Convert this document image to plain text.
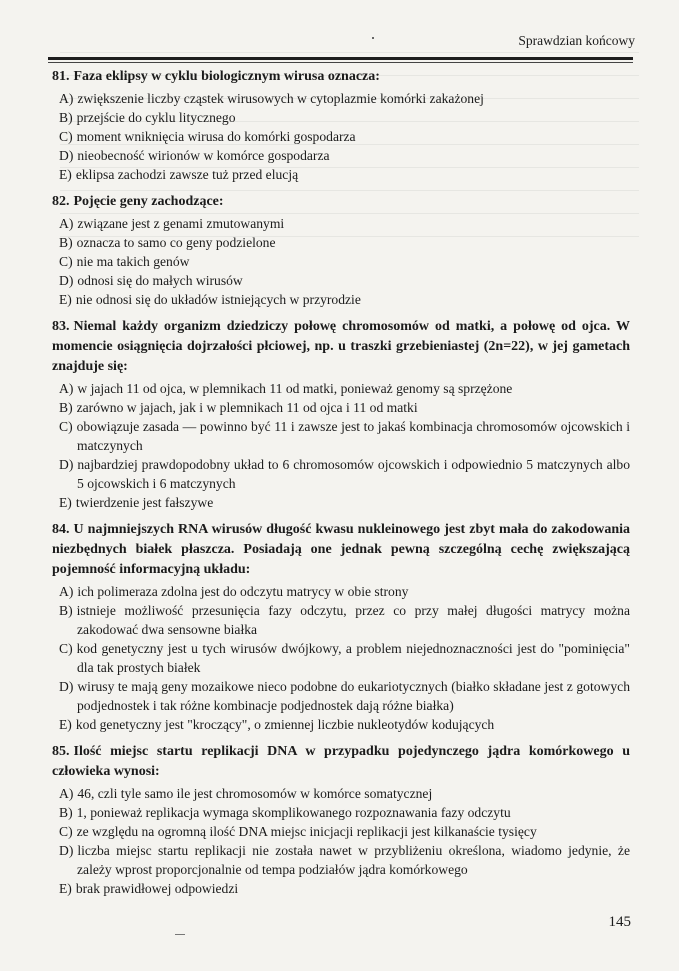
Sprawdzian końcowy
81. Faza eklipsy w cyklu biologicznym wirusa oznacza:
A) zwiększenie liczby cząstek wirusowych w cytoplazmie komórki zakażonej
B) przejście do cyklu litycznego
C) moment wniknięcia wirusa do komórki gospodarza
D) nieobecność wirionów w komórce gospodarza
E) eklipsa zachodzi zawsze tuż przed elucją
82. Pojęcie geny zachodzące:
A) związane jest z genami zmutowanymi
B) oznacza to samo co geny podzielone
C) nie ma takich genów
D) odnosi się do małych wirusów
E) nie odnosi się do układów istniejących w przyrodzie
83. Niemal każdy organizm dziedziczy połowę chromosomów od matki, a połowę od ojca. W momencie osiągnięcia dojrzałości płciowej, np. u traszki grzebieniastej (2n=22), w jej gametach znajduje się:
A) w jajach 11 od ojca, w plemnikach 11 od matki, ponieważ genomy są sprzężone
B) zarówno w jajach, jak i w plemnikach 11 od ojca i 11 od matki
C) obowiązuje zasada — powinno być 11 i zawsze jest to jakaś kombinacja chromosomów ojcowskich i matczynych
D) najbardziej prawdopodobny układ to 6 chromosomów ojcowskich i odpowiednio 5 matczynych albo 5 ojcowskich i 6 matczynych
E) twierdzenie jest fałszywe
84. U najmniejszych RNA wirusów długość kwasu nukleinowego jest zbyt mała do zakodowania niezbędnych białek płaszcza. Posiadają one jednak pewną szczególną cechę zwiększającą pojemność informacyjną układu:
A) ich polimeraza zdolna jest do odczytu matrycy w obie strony
B) istnieje możliwość przesunięcia fazy odczytu, przez co przy małej długości matrycy można zakodować dwa sensowne białka
C) kod genetyczny jest u tych wirusów dwójkowy, a problem niejednoznaczności jest do "pominięcia" dla tak prostych białek
D) wirusy te mają geny mozaikowe nieco podobne do eukariotycznych (białko składane jest z gotowych podjednostek i tak różne kombinacje podjednostek dają różne białka)
E) kod genetyczny jest "kroczący", o zmiennej liczbie nukleotydów kodujących
85. Ilość miejsc startu replikacji DNA w przypadku pojedynczego jądra komórkowego u człowieka wynosi:
A) 46, czli tyle samo ile jest chromosomów w komórce somatycznej
B) 1, ponieważ replikacja wymaga skomplikowanego rozpoznawania fazy odczytu
C) ze względu na ogromną ilość DNA miejsc inicjacji replikacji jest kilkanaście tysięcy
D) liczba miejsc startu replikacji nie została nawet w przybliżeniu określona, wiadomo jedynie, że zależy wprost proporcjonalnie od tempa podziałów jądra komórkowego
E) brak prawidłowej odpowiedzi
145
